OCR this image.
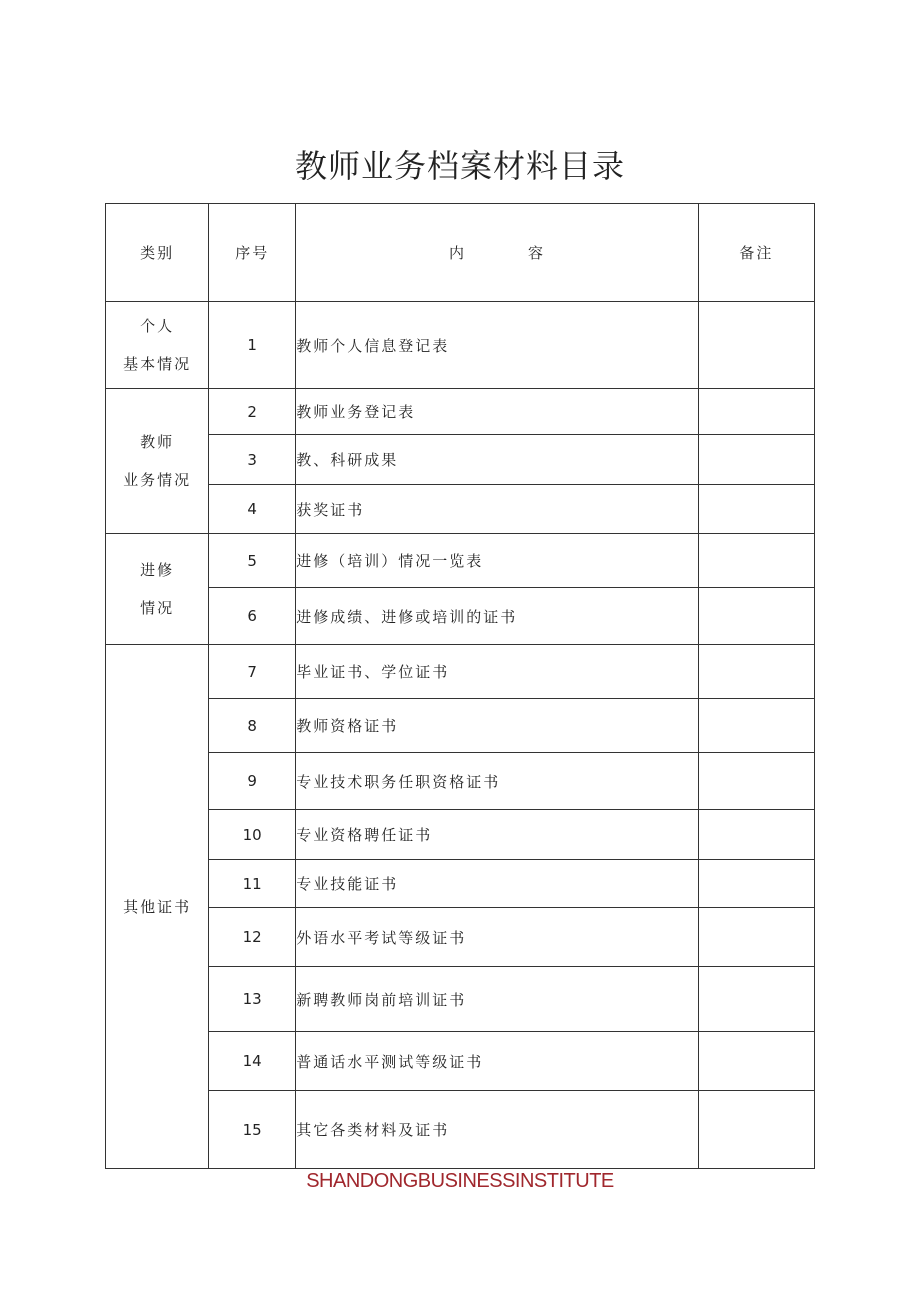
教师业务档案材料目录
类别	序号	内 容	备注

个人
基本情况	1	教师个人信息登记表	

教师
业务情况	2	教师业务登记表	
	3	教、科研成果	
	4	获奖证书	

进修
情况	5	进修（培训）情况一览表	
	6	进修成绩、进修或培训的证书	

其他证书	7	毕业证书、学位证书	
	8	教师资格证书	
	9	专业技术职务任职资格证书	
	10	专业资格聘任证书	
	11	专业技能证书	
	12	外语水平考试等级证书	
	13	新聘教师岗前培训证书	
	14	普通话水平测试等级证书	
	15	其它各类材料及证书	
SHANDONGBUSINESSINSTITUTE
